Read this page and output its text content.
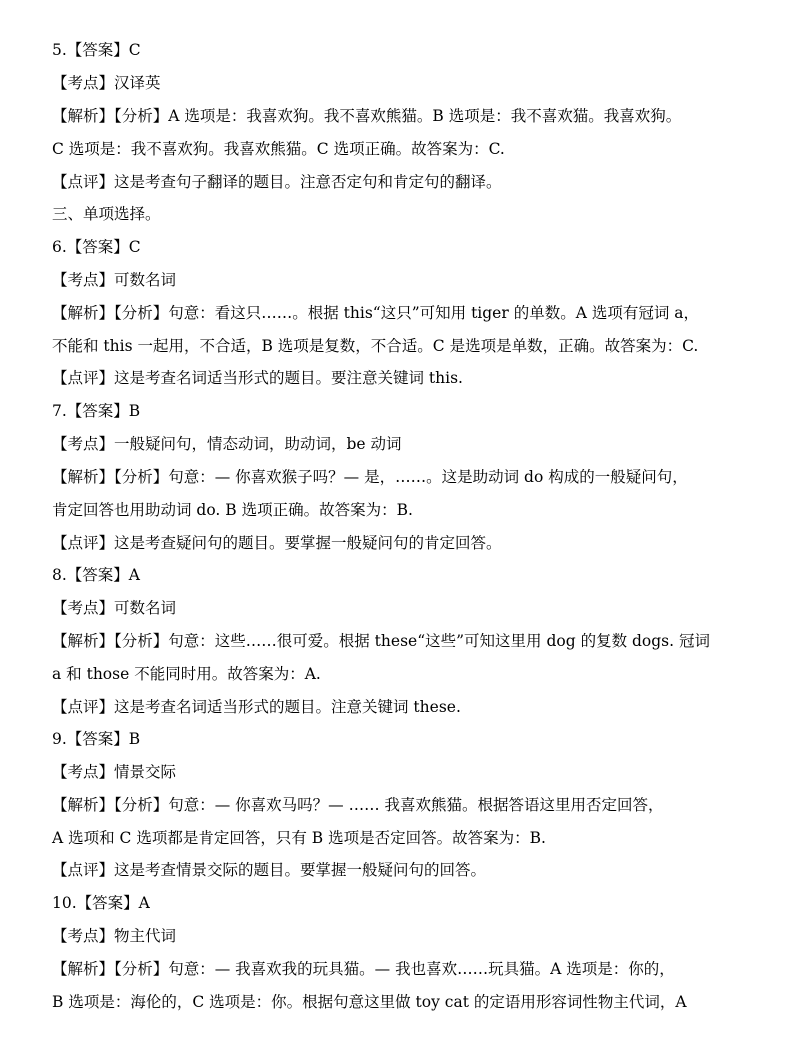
5.【答案】C
【考点】汉译英
【解析】【分析】A 选项是：我喜欢狗。我不喜欢熊猫。B 选项是：我不喜欢猫。我喜欢狗。
C 选项是：我不喜欢狗。我喜欢熊猫。C 选项正确。故答案为：C.
【点评】这是考查句子翻译的题目。注意否定句和肯定句的翻译。
三、单项选择。
6.【答案】C
【考点】可数名词
【解析】【分析】句意：看这只……。根据 this“这只”可知用 tiger 的单数。A 选项有冠词 a，
不能和 this 一起用，不合适，B 选项是复数，不合适。C 是选项是单数，正确。故答案为：C.
【点评】这是考查名词适当形式的题目。要注意关键词 this.
7.【答案】B
【考点】一般疑问句，情态动词，助动词，be 动词
【解析】【分析】句意：— 你喜欢猴子吗？— 是，……。这是助动词 do 构成的一般疑问句，
肯定回答也用助动词 do. B 选项正确。故答案为：B.
【点评】这是考查疑问句的题目。要掌握一般疑问句的肯定回答。
8.【答案】A
【考点】可数名词
【解析】【分析】句意：这些……很可爱。根据 these“这些”可知这里用 dog 的复数 dogs. 冠词
a 和 those 不能同时用。故答案为：A.
【点评】这是考查名词适当形式的题目。注意关键词 these.
9.【答案】B
【考点】情景交际
【解析】【分析】句意：— 你喜欢马吗？— …… 我喜欢熊猫。根据答语这里用否定回答，
A 选项和 C 选项都是肯定回答，只有 B 选项是否定回答。故答案为：B.
【点评】这是考查情景交际的题目。要掌握一般疑问句的回答。
10.【答案】A
【考点】物主代词
【解析】【分析】句意：— 我喜欢我的玩具猫。— 我也喜欢……玩具猫。A 选项是：你的，
B 选项是：海伦的，C 选项是：你。根据句意这里做 toy cat 的定语用形容词性物主代词，A
